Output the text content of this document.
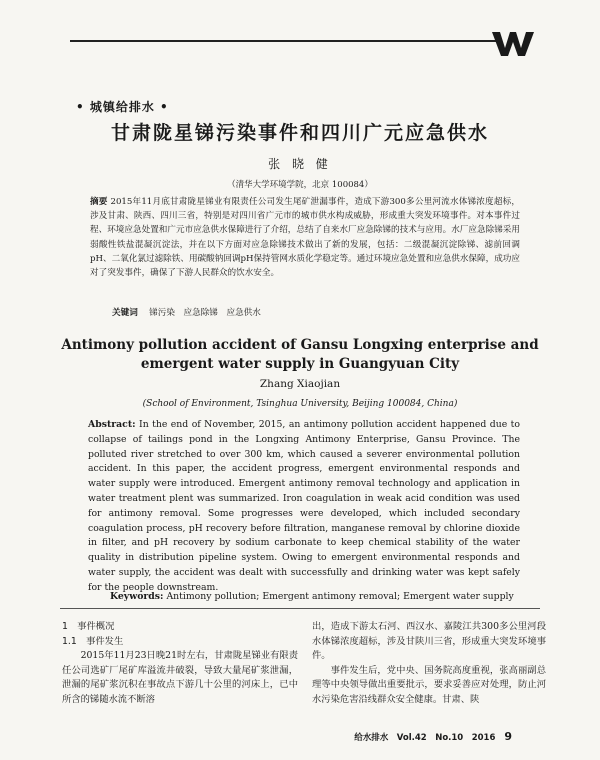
• 城镇给排水 •
甘肃陇星锑污染事件和四川广元应急供水
张 晓 健
（清华大学环境学院，北京 100084）
摘要 2015年11月底甘肃陇星锑业有限责任公司发生尾矿泄漏事件，造成下游300多公里河流水体锑浓度超标，涉及甘肃、陕西、四川三省，特别是对四川省广元市的城市供水构成威胁，形成重大突发环境事件。对本事件过程、环境应急处置和广元市应急供水保障进行了介绍，总结了自来水厂应急除锑的技术与应用。水厂应急除锑采用弱酸性铁盐混凝沉淀法，并在以下方面对应急除锑技术做出了新的发展，包括：二级混凝沉淀除锑、滤前回调pH、二氧化氯过滤除铁、用碳酸钠回调pH保持管网水质化学稳定等。通过环境应急处置和应急供水保障，成功应对了突发事件，确保了下游人民群众的饮水安全。
关键词　 锑污染　应急除锑　应急供水
Antimony pollution accident of Gansu Longxing enterprise and
emergent water supply in Guangyuan City
Zhang Xiaojian
(School of Environment, Tsinghua University, Beijing 100084, China)
Abstract: In the end of November, 2015, an antimony pollution accident happened due to collapse of tailings pond in the Longxing Antimony Enterprise, Gansu Province. The polluted river stretched to over 300 km, which caused a severer environmental pollution accident. In this paper, the accident progress, emergent environmental responds and water supply were introduced. Emergent antimony removal technology and application in water treatment plent was summarized. Iron coagulation in weak acid condition was used for antimony removal. Some progresses were developed, which included secondary coagulation process, pH recovery before filtration, manganese removal by chlorine dioxide in filter, and pH recovery by sodium carbonate to keep chemical stability of the water quality in distribution pipeline system. Owing to emergent environmental responds and water supply, the accident was dealt with successfully and drinking water was kept safely for the people downstream.
Keywords: Antimony pollution; Emergent antimony removal; Emergent water supply
1　事件概况
1.1　事件发生

2015年11月23日晚21时左右，甘肃陇星锑业有限责任公司选矿厂尾矿库溢流井破裂，导致大量尾矿浆泄漏，泄漏的尾矿浆沉积在事故点下游几十公里的河床上，已中所含的锑随水流不断溶

出，造成下游太石河、西汉水、嘉陵江共300多公里河段水体锑浓度超标，涉及甘陕川三省，形成重大突发环境事件。

事件发生后，党中央、国务院高度重视，张高丽副总理等中央领导做出重要批示，要求妥善应对处理，防止河水污染危害沿线群众安全健康。甘肃、陕

给水排水　Vol.42　No.10　2016 9
